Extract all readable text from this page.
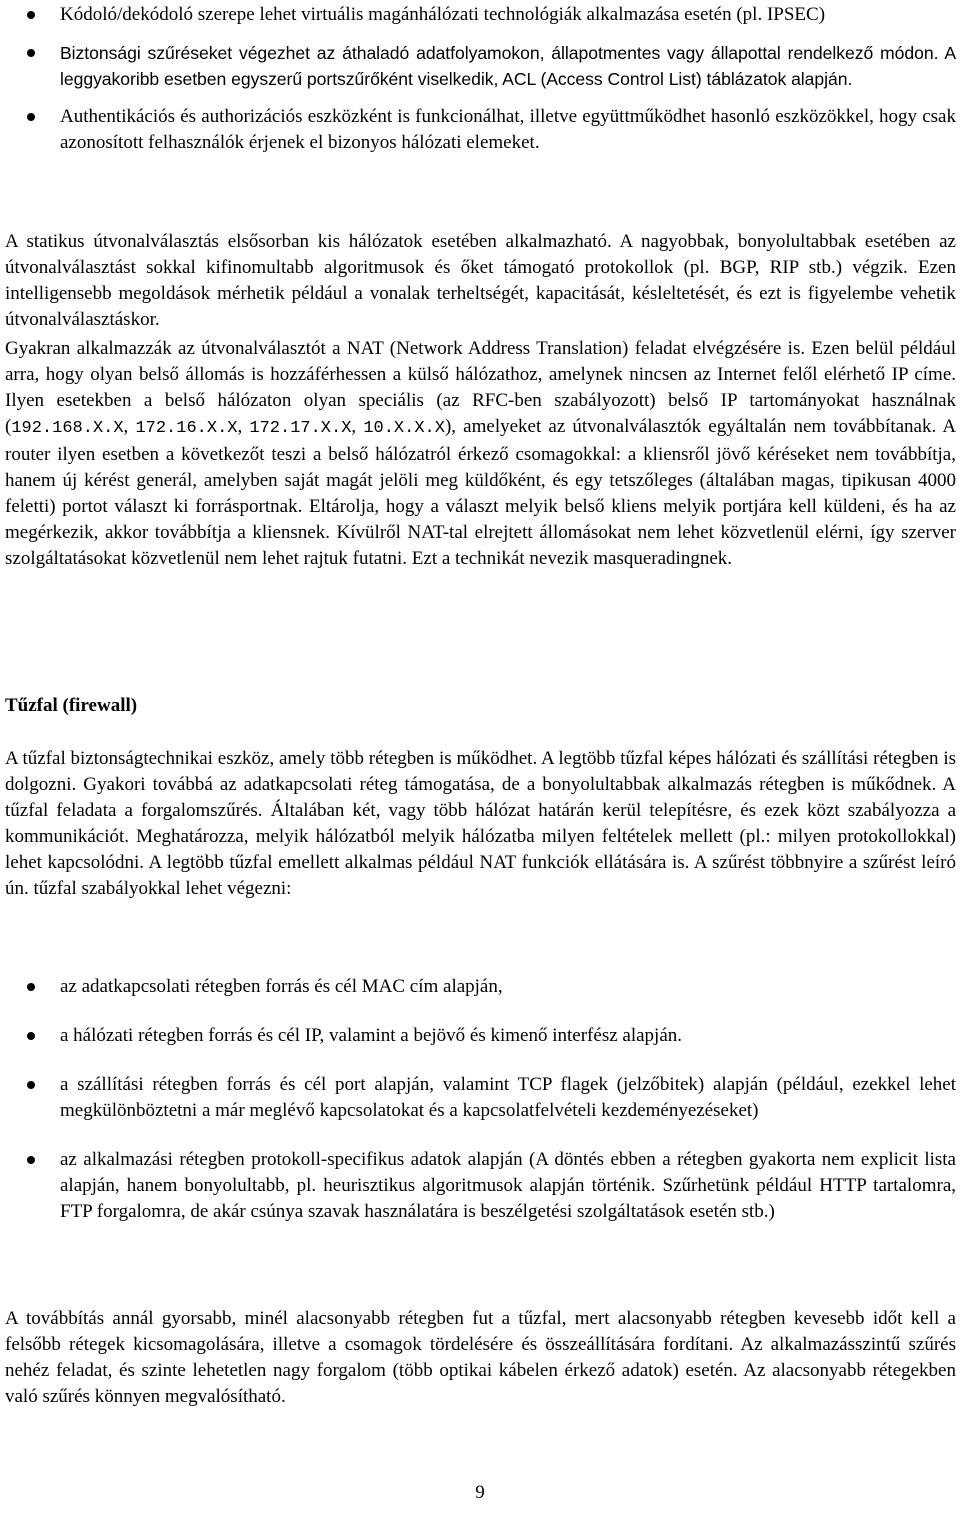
Kódoló/dekódoló szerepe lehet virtuális magánhálózati technológiák alkalmazása esetén (pl. IPSEC)
Biztonsági szűréseket végezhet az áthaladó adatfolyamokon, állapotmentes vagy állapottal rendelkező módon. A leggyakoribb esetben egyszerű portszűrőként viselkedik, ACL (Access Control List) táblázatok alapján.
Authentikációs és authorizációs eszközként is funkcionálhat, illetve együttműködhet hasonló eszközökkel, hogy csak azonosított felhasználók érjenek el bizonyos hálózati elemeket.

A statikus útvonalválasztás elsősorban kis hálózatok esetében alkalmazható. A nagyobbak, bonyolultabbak esetében az útvonalválasztást sokkal kifinomultabb algoritmusok és őket támogató protokollok (pl. BGP, RIP stb.) végzik. Ezen intelligensebb megoldások mérhetik például a vonalak terheltségét, kapacitását, késleltetését, és ezt is figyelembe vehetik útvonalválasztáskor.

Gyakran alkalmazzák az útvonalválasztót a NAT (Network Address Translation) feladat elvégzésére is. Ezen belül például arra, hogy olyan belső állomás is hozzáférhessen a külső hálózathoz, amelynek nincsen az Internet felől elérhető IP címe. Ilyen esetekben a belső hálózaton olyan speciális (az RFC-ben szabályozott) belső IP tartományokat használnak (192.168.X.X, 172.16.X.X, 172.17.X.X, 10.X.X.X), amelyeket az útvonalválasztók egyáltalán nem továbbítanak. A router ilyen esetben a következőt teszi a belső hálózatról érkező csomagokkal: a kliensről jövő kéréseket nem továbbítja, hanem új kérést generál, amelyben saját magát jelöli meg küldőként, és egy tetszőleges (általában magas, tipikusan 4000 feletti) portot választ ki forrásportnak. Eltárolja, hogy a választ melyik belső kliens melyik portjára kell küldeni, és ha az megérkezik, akkor továbbítja a kliensnek. Kívülről NAT-tal elrejtett állomásokat nem lehet közvetlenül elérni, így szerver szolgáltatásokat közvetlenül nem lehet rajtuk futatni. Ezt a technikát nevezik masqueradingnek.

Tűzfal (firewall)

A tűzfal biztonságtechnikai eszköz, amely több rétegben is működhet. A legtöbb tűzfal képes hálózati és szállítási rétegben is dolgozni. Gyakori továbbá az adatkapcsolati réteg támogatása, de a bonyolultabbak alkalmazás rétegben is műkődnek. A tűzfal feladata a forgalomszűrés. Általában két, vagy több hálózat határán kerül telepítésre, és ezek közt szabályozza a kommunikációt. Meghatározza, melyik hálózatból melyik hálózatba milyen feltételek mellett (pl.: milyen protokollokkal) lehet kapcsolódni. A legtöbb tűzfal emellett alkalmas például NAT funkciók ellátására is. A szűrést többnyire a szűrést leíró ún. tűzfal szabályokkal lehet végezni:

az adatkapcsolati rétegben forrás és cél MAC cím alapján,
a hálózati rétegben forrás és cél IP, valamint a bejövő és kimenő interfész alapján.
a szállítási rétegben forrás és cél port alapján, valamint TCP flagek (jelzőbitek) alapján (például, ezekkel lehet megkülönböztetni a már meglévő kapcsolatokat és a kapcsolatfelvételi kezdeményezéseket)
az alkalmazási rétegben protokoll-specifikus adatok alapján (A döntés ebben a rétegben gyakorta nem explicit lista alapján, hanem bonyolultabb, pl. heurisztikus algoritmusok alapján történik. Szűrhetünk például HTTP tartalomra, FTP forgalomra, de akár csúnya szavak használatára is beszélgetési szolgáltatások esetén stb.)

A továbbítás annál gyorsabb, minél alacsonyabb rétegben fut a tűzfal, mert alacsonyabb rétegben kevesebb időt kell a felsőbb rétegek kicsomagolására, illetve a csomagok tördelésére és összeállítására fordítani. Az alkalmazásszintű szűrés nehéz feladat, és szinte lehetetlen nagy forgalom (több optikai kábelen érkező adatok) esetén. Az alacsonyabb rétegekben való szűrés könnyen megvalósítható.

9
